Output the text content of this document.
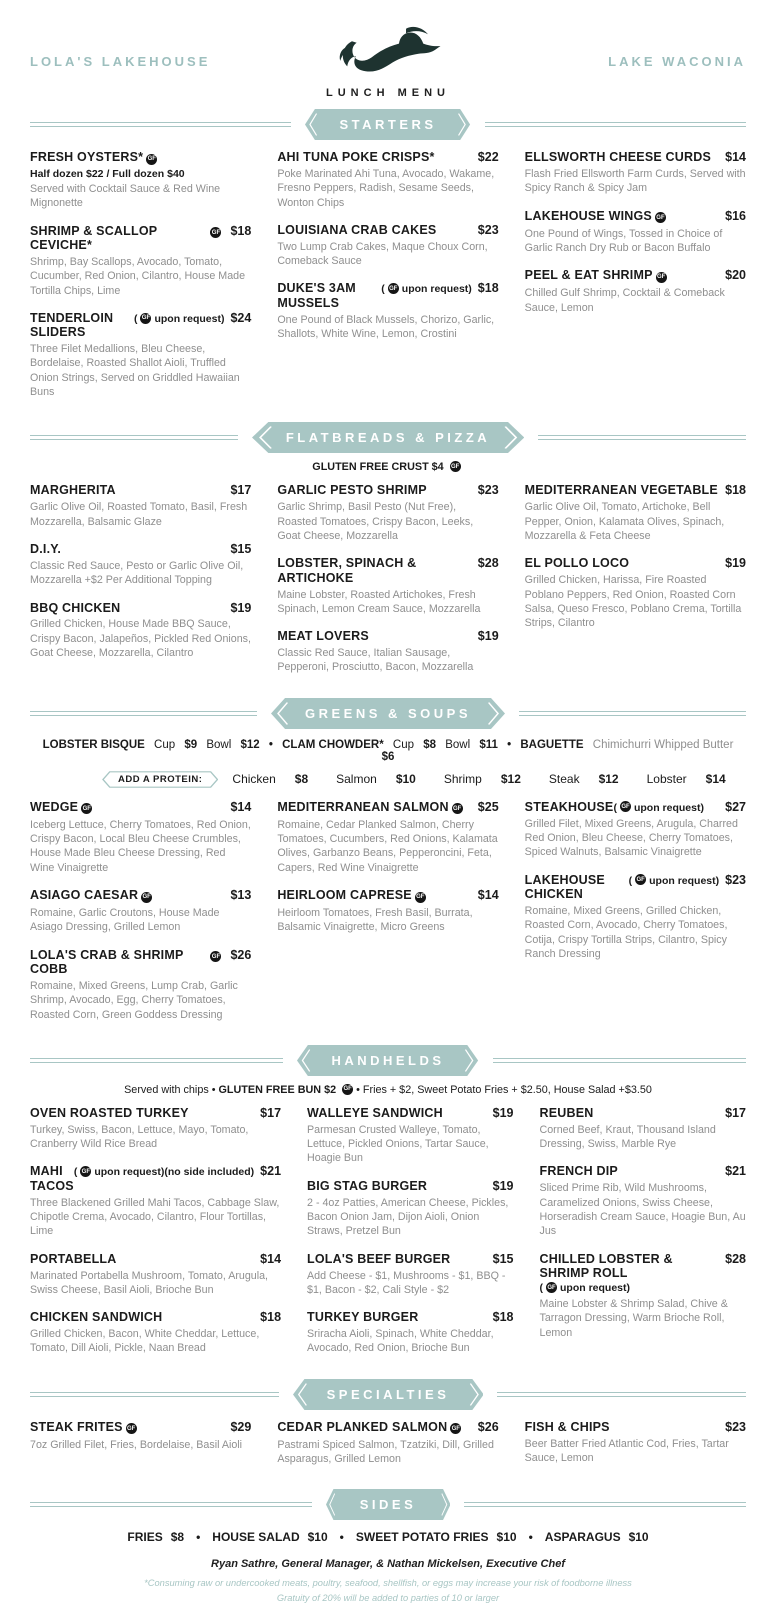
LOLA'S LAKEHOUSE
LUNCH MENU
LAKE WACONIA
STARTERS
FRESH OYSTERS* GF
Half dozen $22 / Full dozen $40
Served with Cocktail Sauce & Red Wine Mignonette
SHRIMP & SCALLOP CEVICHE*
GF $18
Shrimp, Bay Scallops, Avocado, Tomato, Cucumber, Red Onion, Cilantro, House Made Tortilla Chips, Lime
TENDERLOIN SLIDERS
( GF upon request) $24
Three Filet Medallions, Bleu Cheese, Bordelaise, Roasted Shallot Aioli, Truffled Onion Strings, Served on Griddled Hawaiian Buns
AHI TUNA POKE CRISPS*	$22
Poke Marinated Ahi Tuna, Avocado, Wakame, Fresno Peppers, Radish, Sesame Seeds, Wonton Chips
LOUISIANA CRAB CAKES	$23
Two Lump Crab Cakes, Maque Choux Corn, Comeback Sauce
DUKE'S 3AM MUSSELS
( GF upon request) $18
One Pound of Black Mussels, Chorizo, Garlic, Shallots, White Wine, Lemon, Crostini
ELLSWORTH CHEESE CURDS	$14
Flash Fried Ellsworth Farm Curds, Served with Spicy Ranch & Spicy Jam
LAKEHOUSE WINGS GF	$16
One Pound of Wings, Tossed in Choice of Garlic Ranch Dry Rub or Bacon Buffalo
PEEL & EAT SHRIMP GF	$20
Chilled Gulf Shrimp, Cocktail & Comeback Sauce, Lemon
FLATBREADS & PIZZA
GLUTEN FREE CRUST $4 GF
MARGHERITA	$17
Garlic Olive Oil, Roasted Tomato, Basil, Fresh Mozzarella, Balsamic Glaze
D.I.Y.	$15
Classic Red Sauce, Pesto or Garlic Olive Oil, Mozzarella +$2 Per Additional Topping
BBQ CHICKEN	$19
Grilled Chicken, House Made BBQ Sauce, Crispy Bacon, Jalapeños, Pickled Red Onions, Goat Cheese, Mozzarella, Cilantro
GARLIC PESTO SHRIMP	$23
Garlic Shrimp, Basil Pesto (Nut Free), Roasted Tomatoes, Crispy Bacon, Leeks, Goat Cheese, Mozzarella
LOBSTER, SPINACH & ARTICHOKE
$28
Maine Lobster, Roasted Artichokes, Fresh Spinach, Lemon Cream Sauce, Mozzarella
MEAT LOVERS	$19
Classic Red Sauce, Italian Sausage, Pepperoni, Prosciutto, Bacon, Mozzarella
MEDITERRANEAN VEGETABLE $18
Garlic Olive Oil, Tomato, Artichoke, Bell Pepper, Onion, Kalamata Olives, Spinach, Mozzarella & Feta Cheese
EL POLLO LOCO	$19
Grilled Chicken, Harissa, Fire Roasted Poblano Peppers, Red Onion, Roasted Corn Salsa, Queso Fresco, Poblano Crema, Tortilla Strips, Cilantro
GREENS & SOUPS
LOBSTER BISQUE Cup $9 Bowl $12 • CLAM CHOWDER* Cup $8 Bowl $11 • BAGUETTE Chimichurri Whipped Butter $6
ADD A PROTEIN:	Chicken $8 Salmon $10 Shrimp $12 Steak $12 Lobster $14
WEDGE GF	$14
Iceberg Lettuce, Cherry Tomatoes, Red Onion, Crispy Bacon, Local Bleu Cheese Crumbles, House Made Bleu Cheese Dressing, Red Wine Vinaigrette
ASIAGO CAESAR GF	$13
Romaine, Garlic Croutons, House Made Asiago Dressing, Grilled Lemon
LOLA'S CRAB & SHRIMP COBB
GF $26
Romaine, Mixed Greens, Lump Crab, Garlic Shrimp, Avocado, Egg, Cherry Tomatoes, Roasted Corn, Green Goddess Dressing
MEDITERRANEAN SALMON GF	$25
Romaine, Cedar Planked Salmon, Cherry Tomatoes, Cucumbers, Red Onions, Kalamata Olives, Garbanzo Beans, Pepperoncini, Feta, Capers, Red Wine Vinaigrette
HEIRLOOM CAPRESE GF	$14
Heirloom Tomatoes, Fresh Basil, Burrata, Balsamic Vinaigrette, Micro Greens
STEAKHOUSE ( GF upon request)	$27
Grilled Filet, Mixed Greens, Arugula, Charred Red Onion, Bleu Cheese, Cherry Tomatoes, Spiced Walnuts, Balsamic Vinaigrette
LAKEHOUSE CHICKEN
( GF upon request) $23
Romaine, Mixed Greens, Grilled Chicken, Roasted Corn, Avocado, Cherry Tomatoes, Cotija, Crispy Tortilla Strips, Cilantro, Spicy Ranch Dressing
HANDHELDS
Served with chips • GLUTEN FREE BUN $2 GF • Fries + $2, Sweet Potato Fries + $2.50, House Salad +$3.50
OVEN ROASTED TURKEY	$17
Turkey, Swiss, Bacon, Lettuce, Mayo, Tomato, Cranberry Wild Rice Bread
MAHI TACOS
( GF upon request) (no side included) $21
Three Blackened Grilled Mahi Tacos, Cabbage Slaw, Chipotle Crema, Avocado, Cilantro, Flour Tortillas, Lime
PORTABELLA	$14
Marinated Portabella Mushroom, Tomato, Arugula, Swiss Cheese, Basil Aioli, Brioche Bun
CHICKEN SANDWICH	$18
Grilled Chicken, Bacon, White Cheddar, Lettuce, Tomato, Dill Aioli, Pickle, Naan Bread
WALLEYE SANDWICH	$19
Parmesan Crusted Walleye, Tomato, Lettuce, Pickled Onions, Tartar Sauce, Hoagie Bun
BIG STAG BURGER	$19
2 - 4oz Patties, American Cheese, Pickles, Bacon Onion Jam, Dijon Aioli, Onion Straws, Pretzel Bun
LOLA'S BEEF BURGER	$15
Add Cheese - $1, Mushrooms - $1, BBQ - $1, Bacon - $2, Cali Style - $2
TURKEY BURGER	$18
Sriracha Aioli, Spinach, White Cheddar, Avocado, Red Onion, Brioche Bun
REUBEN	$17
Corned Beef, Kraut, Thousand Island Dressing, Swiss, Marble Rye
FRENCH DIP	$21
Sliced Prime Rib, Wild Mushrooms, Caramelized Onions, Swiss Cheese, Horseradish Cream Sauce, Hoagie Bun, Au Jus
CHILLED LOBSTER & SHRIMP ROLL
$28
( GF upon request)
Maine Lobster & Shrimp Salad, Chive & Tarragon Dressing, Warm Brioche Roll, Lemon
SPECIALTIES
STEAK FRITES GF	$29
7oz Grilled Filet, Fries, Bordelaise, Basil Aioli
CEDAR PLANKED SALMON GF	$26
Pastrami Spiced Salmon, Tzatziki, Dill, Grilled Asparagus, Grilled Lemon
FISH & CHIPS	$23
Beer Batter Fried Atlantic Cod, Fries, Tartar Sauce, Lemon
SIDES
FRIES $8 • HOUSE SALAD $10 • SWEET POTATO FRIES $10 • ASPARAGUS $10
Ryan Sathre, General Manager, & Nathan Mickelsen, Executive Chef
*Consuming raw or undercooked meats, poultry, seafood, shellfish, or eggs may increase your risk of foodborne illness
Gratuity of 20% will be added to parties of 10 or larger
